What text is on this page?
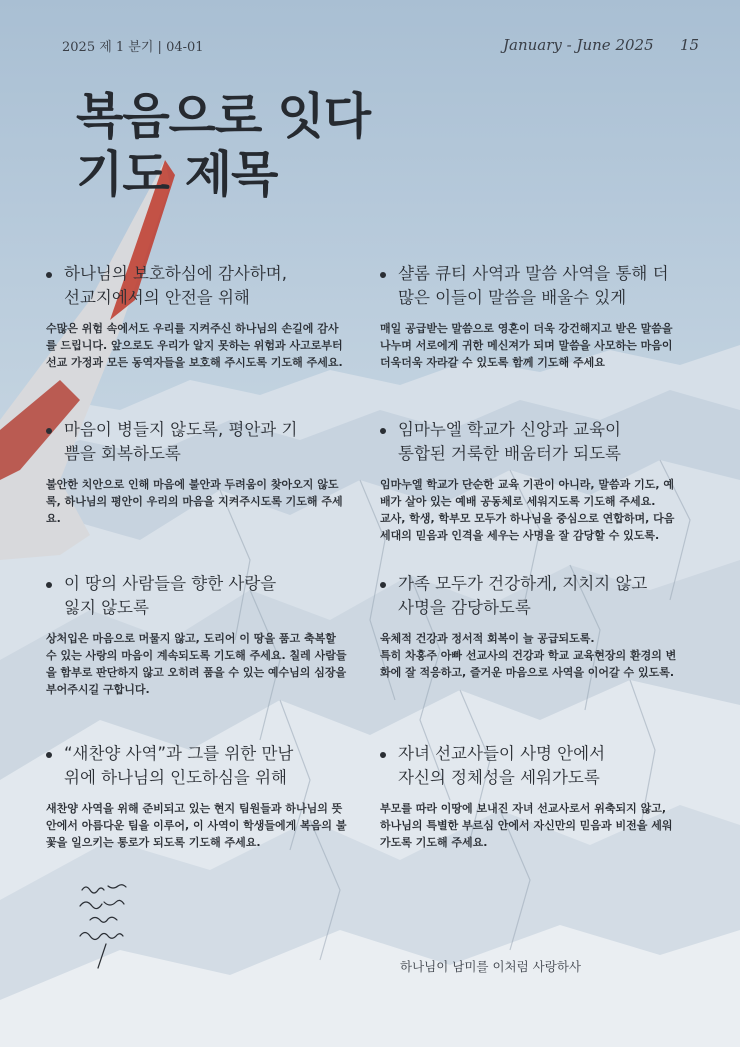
2025 제 1 분기 | 04-01	January - June 2025 15
복음으로 잇다
기도 제목
하나님의 보호하심에 감사하며,
선교지에서의 안전을 위해
수많은 위험 속에서도 우리를 지켜주신 하나님의 손길에 감사
를 드립니다. 앞으로도 우리가 알지 못하는 위험과 사고로부터
선교 가정과 모든 동역자들을 보호해 주시도록 기도해 주세요.
샬롬 큐티 사역과 말씀 사역을 통해 더
많은 이들이 말씀을 배울수 있게
매일 공급받는 말씀으로 영혼이 더욱 강건해지고 받은 말씀을
나누며 서로에게 귀한 메신져가 되며 말씀을 사모하는 마음이
더욱더욱 자라갈 수 있도록 함께 기도해 주세요
마음이 병들지 않도록, 평안과 기
쁨을 회복하도록
불안한 치안으로 인해 마음에 불안과 두려움이 찾아오지 않도
록, 하나님의 평안이 우리의 마음을 지켜주시도록 기도해 주세
요.
임마누엘 학교가 신앙과 교육이
통합된 거룩한 배움터가 되도록
임마누엘 학교가 단순한 교육 기관이 아니라, 말씀과 기도, 예
배가 살아 있는 예배 공동체로 세워지도록 기도해 주세요.
교사, 학생, 학부모 모두가 하나님을 중심으로 연합하며, 다음
세대의 믿음과 인격을 세우는 사명을 잘 감당할 수 있도록.
이 땅의 사람들을 향한 사랑을
잃지 않도록
상처입은 마음으로 머물지 않고, 도리어 이 땅을 품고 축복할
수 있는 사랑의 마음이 계속되도록 기도해 주세요. 칠레 사람들
을 함부로 판단하지 않고 오히려 품을 수 있는 예수님의 심장을
부어주시길 구합니다.
가족 모두가 건강하게, 지치지 않고
사명을 감당하도록
육체적 건강과 정서적 회복이 늘 공급되도록.
특히 차홍주 아빠 선교사의 건강과 학교 교육현장의 환경의 변
화에 잘 적응하고, 즐거운 마음으로 사역을 이어갈 수 있도록.
“새찬양 사역”과 그를 위한 만남
위에 하나님의 인도하심을 위해
새찬양 사역을 위해 준비되고 있는 현지 팀원들과 하나님의 뜻
안에서 아름다운 팀을 이루어, 이 사역이 학생들에게 복음의 불
꽃을 일으키는 통로가 되도록 기도해 주세요.
자녀 선교사들이 사명 안에서
자신의 정체성을 세워가도록
부모를 따라 이땅에 보내진 자녀 선교사로서 위축되지 않고,
하나님의 특별한 부르심 안에서 자신만의 믿음과 비전을 세워
가도록 기도해 주세요.
하나님이 남미를 이처럼 사랑하사
